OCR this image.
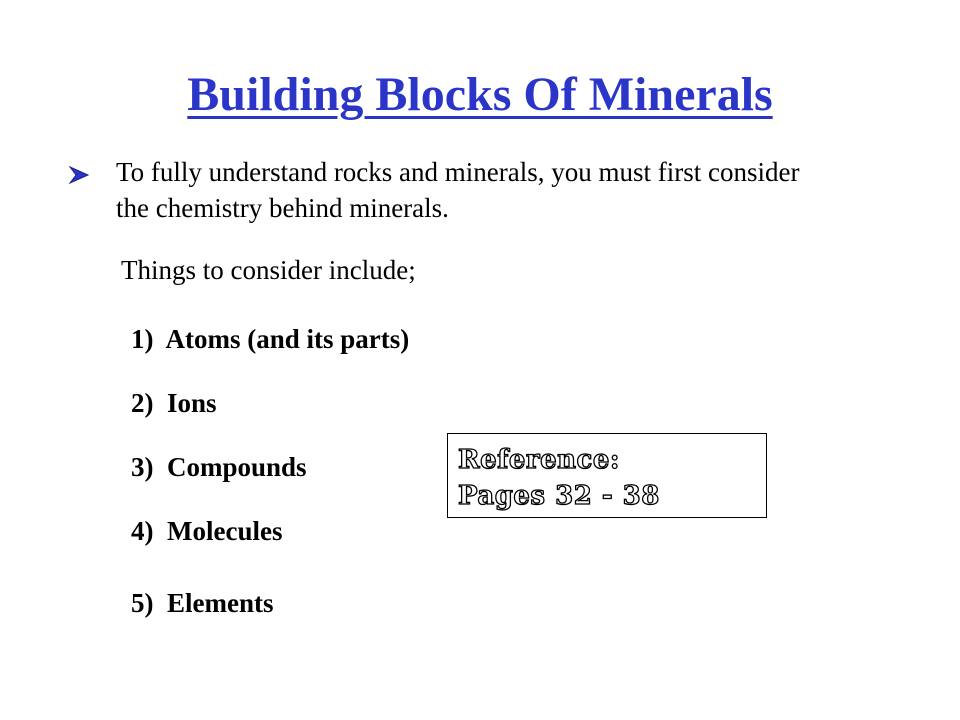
Building Blocks Of Minerals
To fully understand rocks and minerals, you must first consider the chemistry behind minerals.
Things to consider include;
1)  Atoms (and its parts)
2)  Ions
3)  Compounds
4)  Molecules
5)  Elements
Reference:
Pages 32 - 38
